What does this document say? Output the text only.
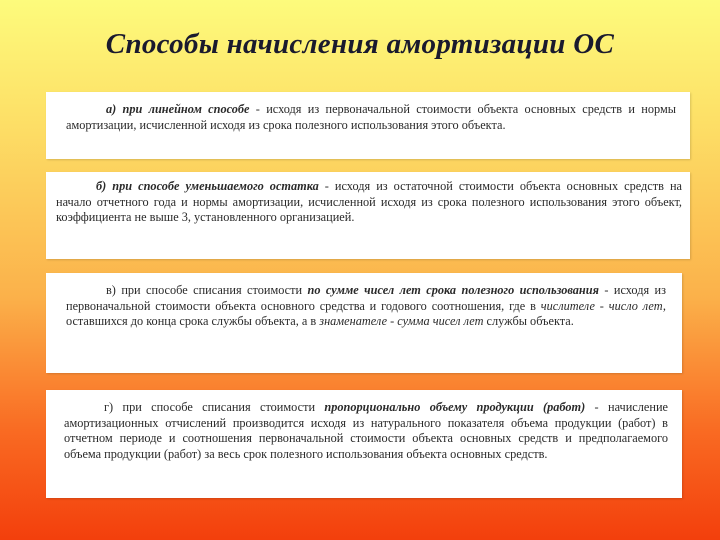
Способы начисления амортизации ОС

а) при линейном способе - исходя из первоначальной стоимости объекта основных средств и нормы амортизации, исчисленной исходя из срока полезного использования этого объекта.

б) при способе уменьшаемого остатка - исходя из остаточной стоимости объекта основных средств на начало отчетного года и нормы амортизации, исчисленной исходя из срока полезного использования этого объект, коэффициента не выше 3, установленного организацией.

в) при способе списания стоимости по сумме чисел лет срока полезного использования - исходя из первоначальной стоимости объекта основного средства и годового соотношения, где в числителе - число лет, оставшихся до конца срока службы объекта, а в знаменателе - сумма чисел лет службы объекта.

г) при способе списания стоимости пропорционально объему продукции (работ) - начисление амортизационных отчислений производится исходя из натурального показателя объема продукции (работ) в отчетном периоде и соотношения первоначальной стоимости объекта основных средств и предполагаемого объема продукции (работ) за весь срок полезного использования объекта основных средств.
